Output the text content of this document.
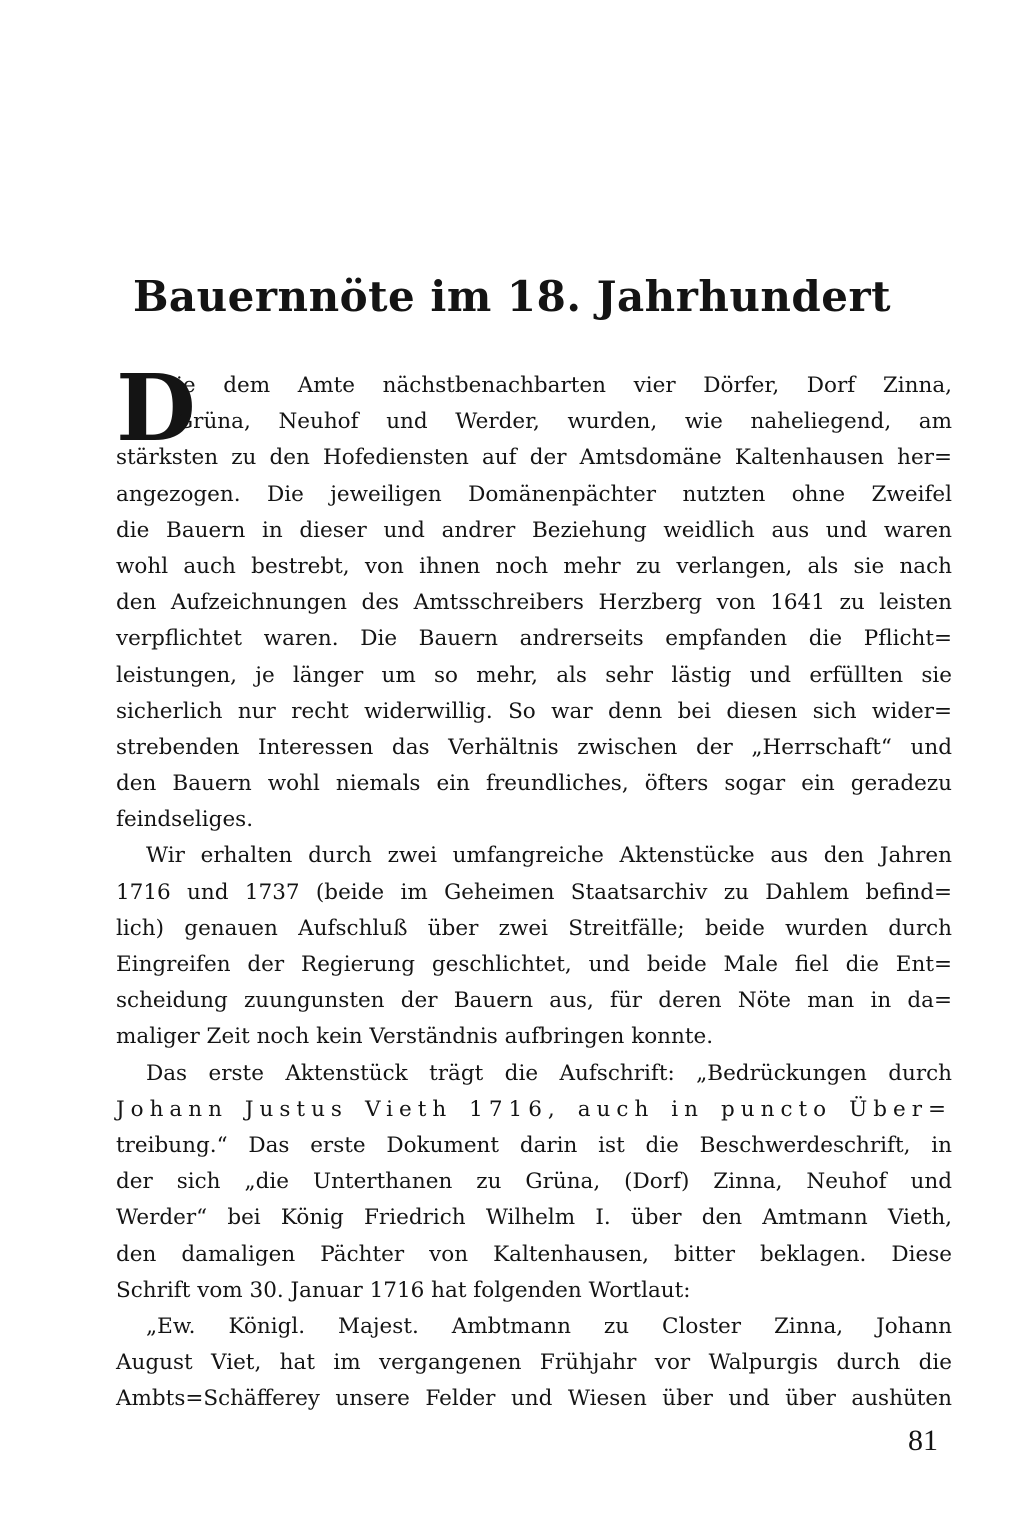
Bauernnöte im 18. Jahrhundert
D
ie dem Amte nächstbenachbarten vier Dörfer, Dorf Zinna,
Grüna, Neuhof und Werder, wurden, wie naheliegend, am
stärksten zu den Hofediensten auf der Amtsdomäne Kaltenhausen her=
angezogen. Die jeweiligen Domänenpächter nutzten ohne Zweifel
die Bauern in dieser und andrer Beziehung weidlich aus und waren
wohl auch bestrebt, von ihnen noch mehr zu verlangen, als sie nach
den Aufzeichnungen des Amtsschreibers Herzberg von 1641 zu leisten
verpflichtet waren. Die Bauern andrerseits empfanden die Pflicht=
leistungen, je länger um so mehr, als sehr lästig und erfüllten sie
sicherlich nur recht widerwillig. So war denn bei diesen sich wider=
strebenden Interessen das Verhältnis zwischen der „Herrschaft“ und
den Bauern wohl niemals ein freundliches, öfters sogar ein geradezu
feindseliges.
Wir erhalten durch zwei umfangreiche Aktenstücke aus den Jahren
1716 und 1737 (beide im Geheimen Staatsarchiv zu Dahlem befind=
lich) genauen Aufschluß über zwei Streitfälle; beide wurden durch
Eingreifen der Regierung geschlichtet, und beide Male fiel die Ent=
scheidung zuungunsten der Bauern aus, für deren Nöte man in da=
maliger Zeit noch kein Verständnis aufbringen konnte.
Das erste Aktenstück trägt die Aufschrift: „Bedrückungen durch
Johann Justus Vieth 1716, auch in puncto Über=
treibung.“ Das erste Dokument darin ist die Beschwerdeschrift, in
der sich „die Unterthanen zu Grüna, (Dorf) Zinna, Neuhof und
Werder“ bei König Friedrich Wilhelm I. über den Amtmann Vieth,
den damaligen Pächter von Kaltenhausen, bitter beklagen. Diese
Schrift vom 30. Januar 1716 hat folgenden Wortlaut:
„Ew. Königl. Majest. Ambtmann zu Closter Zinna, Johann
August Viet, hat im vergangenen Frühjahr vor Walpurgis durch die
Ambts=Schäfferey unsere Felder und Wiesen über und über aushüten
81
